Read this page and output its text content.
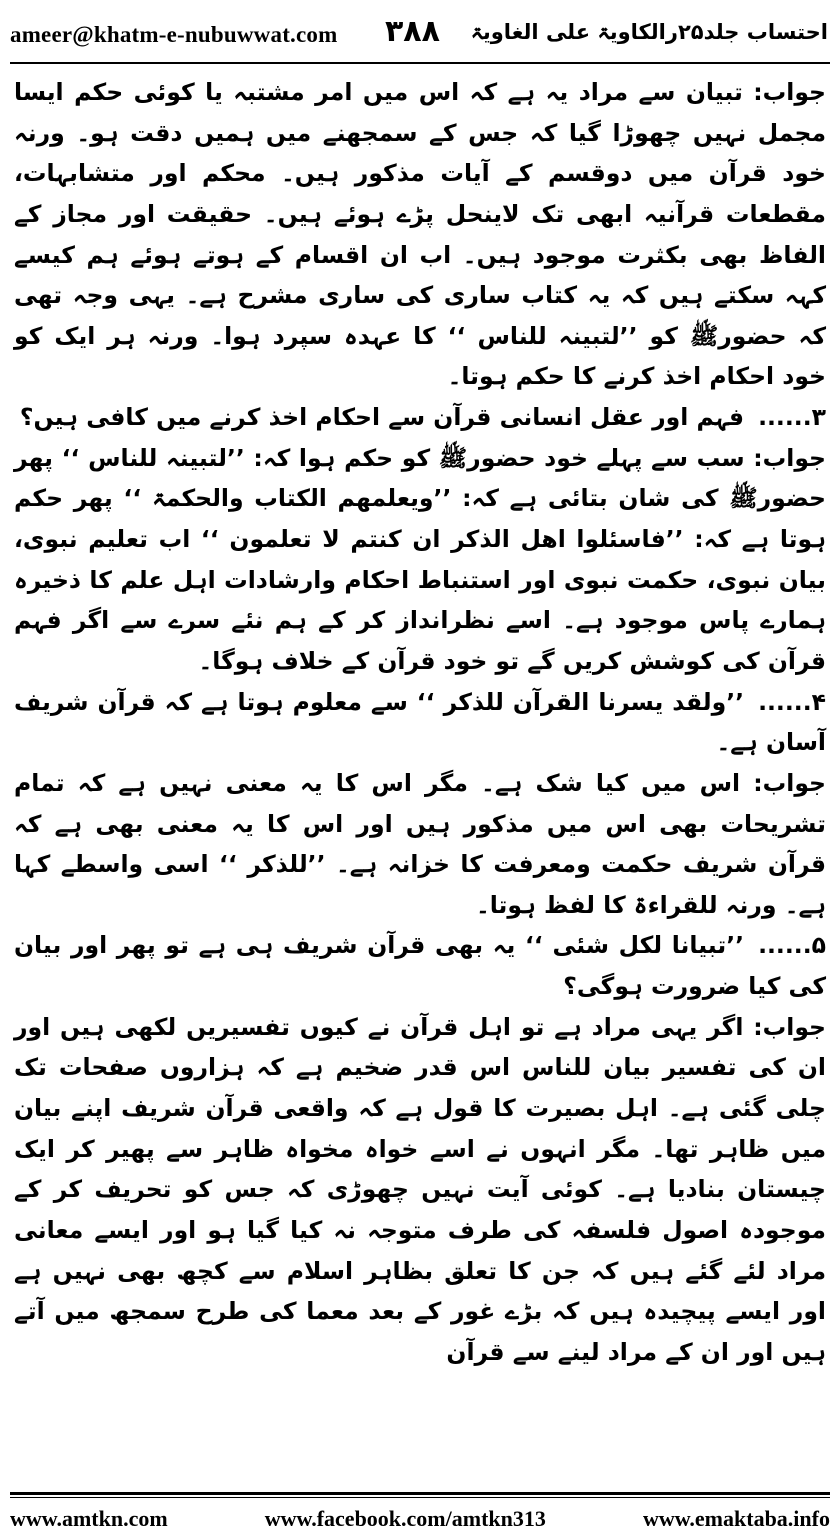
ameer@khatm-e-nubuwwat.com ۳۸۸ احتساب جلد۲۵رالکاویۃ علی الغاویۃ

جواب: تبیان سے مراد یہ ہے کہ اس میں امر مشتبہ یا کوئی حکم ایسا مجمل نہیں چھوڑا گیا کہ جس کے سمجھنے میں ہمیں دقت ہو۔ ورنہ خود قرآن میں دوقسم کے آیات مذکور ہیں۔ محکم اور متشابہات، مقطعات قرآنیہ ابھی تک لاینحل پڑے ہوئے ہیں۔ حقیقت اور مجاز کے الفاظ بھی بکثرت موجود ہیں۔ اب ان اقسام کے ہوتے ہوئے ہم کیسے کہہ سکتے ہیں کہ یہ کتاب ساری کی ساری مشرح ہے۔ یہی وجہ تھی کہ حضورﷺ کو ’’لتبینہ للناس ‘‘ کا عہدہ سپرد ہوا۔ ورنہ ہر ایک کو خود احکام اخذ کرنے کا حکم ہوتا۔

۳......فہم اور عقل انسانی قرآن سے احکام اخذ کرنے میں کافی ہیں؟

جواب: سب سے پہلے خود حضورﷺ کو حکم ہوا کہ: ’’لتبینہ للناس ‘‘ پھر حضورﷺ کی شان بتائی ہے کہ: ’’ویعلمھم الکتاب والحکمۃ ‘‘ پھر حکم ہوتا ہے کہ: ’’فاسئلوا اھل الذکر ان کنتم لا تعلمون ‘‘ اب تعلیم نبوی، بیان نبوی، حکمت نبوی اور استنباط احکام وارشادات اہل علم کا ذخیرہ ہمارے پاس موجود ہے۔ اسے نظرانداز کر کے ہم نئے سرے سے اگر فہم قرآن کی کوشش کریں گے تو خود قرآن کے خلاف ہوگا۔

۴......’’ولقد یسرنا القرآن للذکر ‘‘ سے معلوم ہوتا ہے کہ قرآن شریف آسان ہے۔

جواب: اس میں کیا شک ہے۔ مگر اس کا یہ معنی نہیں ہے کہ تمام تشریحات بھی اس میں مذکور ہیں اور اس کا یہ معنی بھی ہے کہ قرآن شریف حکمت ومعرفت کا خزانہ ہے۔ ’’للذکر ‘‘ اسی واسطے کہا ہے۔ ورنہ للقراءۃ کا لفظ ہوتا۔

۵......’’تبیانا لکل شئی ‘‘ یہ بھی قرآن شریف ہی ہے تو پھر اور بیان کی کیا ضرورت ہوگی؟

جواب: اگر یہی مراد ہے تو اہل قرآن نے کیوں تفسیریں لکھی ہیں اور ان کی تفسیر بیان للناس اس قدر ضخیم ہے کہ ہزاروں صفحات تک چلی گئی ہے۔ اہل بصیرت کا قول ہے کہ واقعی قرآن شریف اپنے بیان میں ظاہر تھا۔ مگر انہوں نے اسے خواہ مخواہ ظاہر سے پھیر کر ایک چیستان بنادیا ہے۔ کوئی آیت نہیں چھوڑی کہ جس کو تحریف کر کے موجودہ اصول فلسفہ کی طرف متوجہ نہ کیا گیا ہو اور ایسے معانی مراد لئے گئے ہیں کہ جن کا تعلق بظاہر اسلام سے کچھ بھی نہیں ہے اور ایسے پیچیدہ ہیں کہ بڑے غور کے بعد معما کی طرح سمجھ میں آتے ہیں اور ان کے مراد لینے سے قرآن

www.amtkn.com	www.facebook.com/amtkn313	www.emaktaba.info
